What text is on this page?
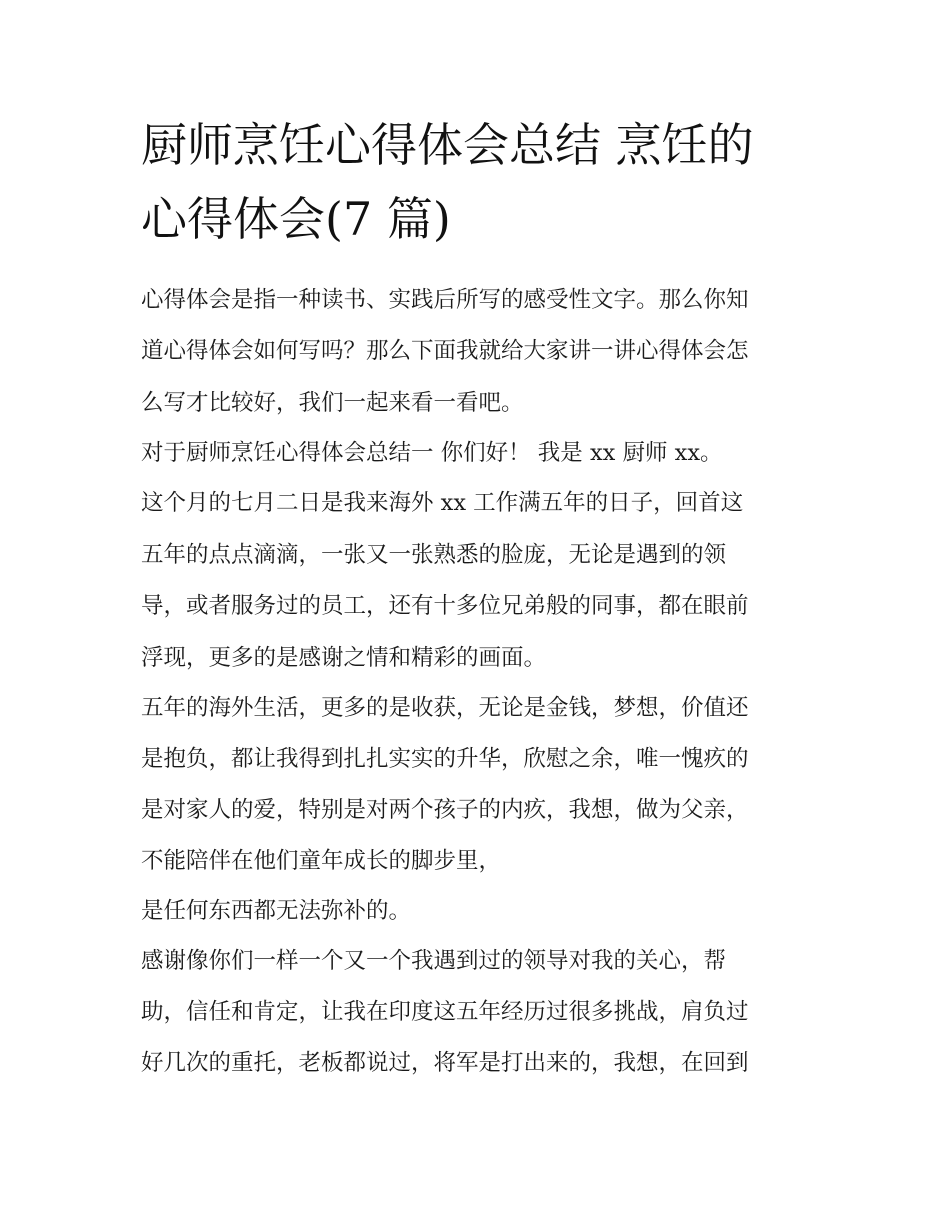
厨师烹饪心得体会总结 烹饪的
心得体会(7 篇)
心得体会是指一种读书、实践后所写的感受性文字。那么你知
道心得体会如何写吗？那么下面我就给大家讲一讲心得体会怎
么写才比较好，我们一起来看一看吧。
对于厨师烹饪心得体会总结一 你们好！ 我是 xx 厨师 xx。
这个月的七月二日是我来海外 xx 工作满五年的日子，回首这
五年的点点滴滴，一张又一张熟悉的脸庞，无论是遇到的领
导，或者服务过的员工，还有十多位兄弟般的同事，都在眼前
浮现，更多的是感谢之情和精彩的画面。
五年的海外生活，更多的是收获，无论是金钱，梦想，价值还
是抱负，都让我得到扎扎实实的升华，欣慰之余，唯一愧疚的
是对家人的爱，特别是对两个孩子的内疚，我想，做为父亲，
不能陪伴在他们童年成长的脚步里，
是任何东西都无法弥补的。
感谢像你们一样一个又一个我遇到过的领导对我的关心，帮
助，信任和肯定，让我在印度这五年经历过很多挑战，肩负过
好几次的重托，老板都说过，将军是打出来的，我想，在回到
